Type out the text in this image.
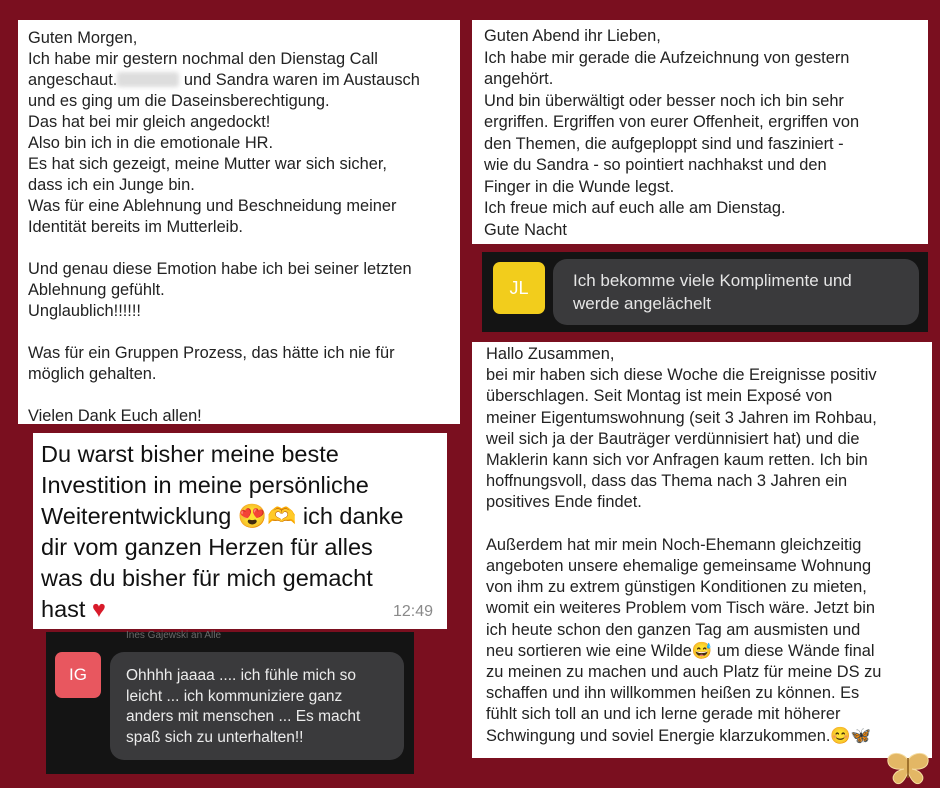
Guten Morgen,
Ich habe mir gestern nochmal den Dienstag Call
angeschaut.	und Sandra waren im Austausch
und es ging um die Daseinsberechtigung.
Das hat bei mir gleich angedockt!
Also bin ich in die emotionale HR.
Es hat sich gezeigt, meine Mutter war sich sicher,
dass ich ein Junge bin.
Was für eine Ablehnung und Beschneidung meiner
Identität bereits im Mutterleib.

Und genau diese Emotion habe ich bei seiner letzten
Ablehnung gefühlt.
Unglaublich!!!!!!

Was für ein Gruppen Prozess, das hätte ich nie für
möglich gehalten.

Vielen Dank Euch allen!

Guten Abend ihr Lieben,
Ich habe mir gerade die Aufzeichnung von gestern
angehört.
Und bin überwältigt oder besser noch ich bin sehr
ergriffen. Ergriffen von eurer Offenheit, ergriffen von
den Themen, die aufgeploppt sind und fasziniert -
wie du Sandra - so pointiert nachhakst und den
Finger in die Wunde legst.
Ich freue mich auf euch alle am Dienstag.
Gute Nacht

JL	Ich bekomme viele Komplimente und
werde angelächelt

Du warst bisher meine beste
Investition in meine persönliche
Weiterentwicklung 😍🫶 ich danke
dir vom ganzen Herzen für alles
was du bisher für mich gemacht
hast ♥	12:49
Ines Gajewski an Alle
IG	Ohhhh jaaaa .... ich fühle mich so
leicht ... ich kommuniziere ganz
anders mit menschen ... Es macht
spaß sich zu unterhalten!!

Hallo Zusammen,
bei mir haben sich diese Woche die Ereignisse positiv
überschlagen. Seit Montag ist mein Exposé von
meiner Eigentumswohnung (seit 3 Jahren im Rohbau,
weil sich ja der Bauträger verdünnisiert hat) und die
Maklerin kann sich vor Anfragen kaum retten. Ich bin
hoffnungsvoll, dass das Thema nach 3 Jahren ein
positives Ende findet.

Außerdem hat mir mein Noch-Ehemann gleichzeitig
angeboten unsere ehemalige gemeinsame Wohnung
von ihm zu extrem günstigen Konditionen zu mieten,
womit ein weiteres Problem vom Tisch wäre. Jetzt bin
ich heute schon den ganzen Tag am ausmisten und
neu sortieren wie eine Wilde😅 um diese Wände final
zu meinen zu machen und auch Platz für meine DS zu
schaffen und ihn willkommen heißen zu können. Es
fühlt sich toll an und ich lerne gerade mit höherer
Schwingung und soviel Energie klarzukommen.😊🦋
